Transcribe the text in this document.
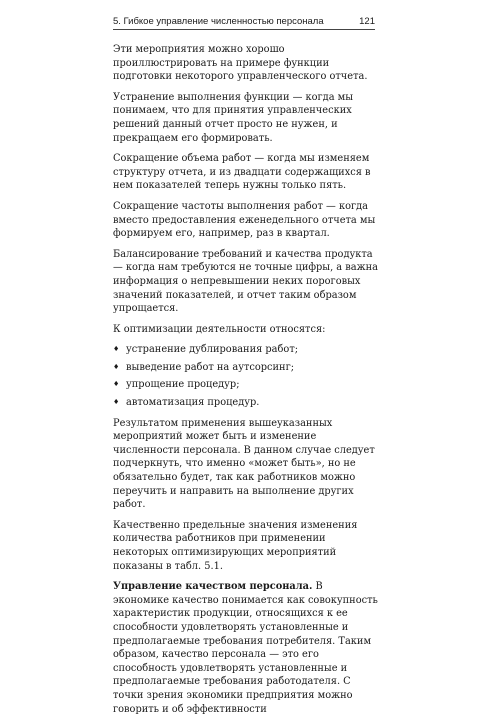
5. Гибкое управление численностью персонала	121

Эти мероприятия можно хорошо проиллюстрировать на примере функции подготовки некоторого управленческого отчета.

Устранение выполнения функции — когда мы понимаем, что для принятия управленческих решений данный отчет просто не нужен, и прекращаем его формировать.

Сокращение объема работ — когда мы изменяем структуру отчета, и из двадцати содержащихся в нем показателей теперь нужны только пять.

Сокращение частоты выполнения работ — когда вместо предоставления еженедельного отчета мы формируем его, например, раз в квартал.

Балансирование требований и качества продукта — когда нам требуются не точные цифры, а важна информация о непревышении неких пороговых значений показателей, и отчет таким образом упрощается.

К оптимизации деятельности относятся:

♦ устранение дублирования работ;
♦ выведение работ на аутсорсинг;
♦ упрощение процедур;
♦ автоматизация процедур.

Результатом применения вышеуказанных мероприятий может быть и изменение численности персонала. В данном случае следует подчеркнуть, что именно «может быть», но не обязательно будет, так как работников можно переучить и направить на выполнение других работ.

Качественно предельные значения изменения количества работников при применении некоторых оптимизирующих мероприятий показаны в табл. 5.1.

Управление качеством персонала. В экономике качество понимается как совокупность характеристик продукции, относящихся к ее способности удовлетворять установленные и предполагаемые требования потребителя. Таким образом, качество персонала — это его способность удовлетворять установленные и предполагаемые требования работодателя. С точки зрения экономики предприятия можно говорить и об эффективности
